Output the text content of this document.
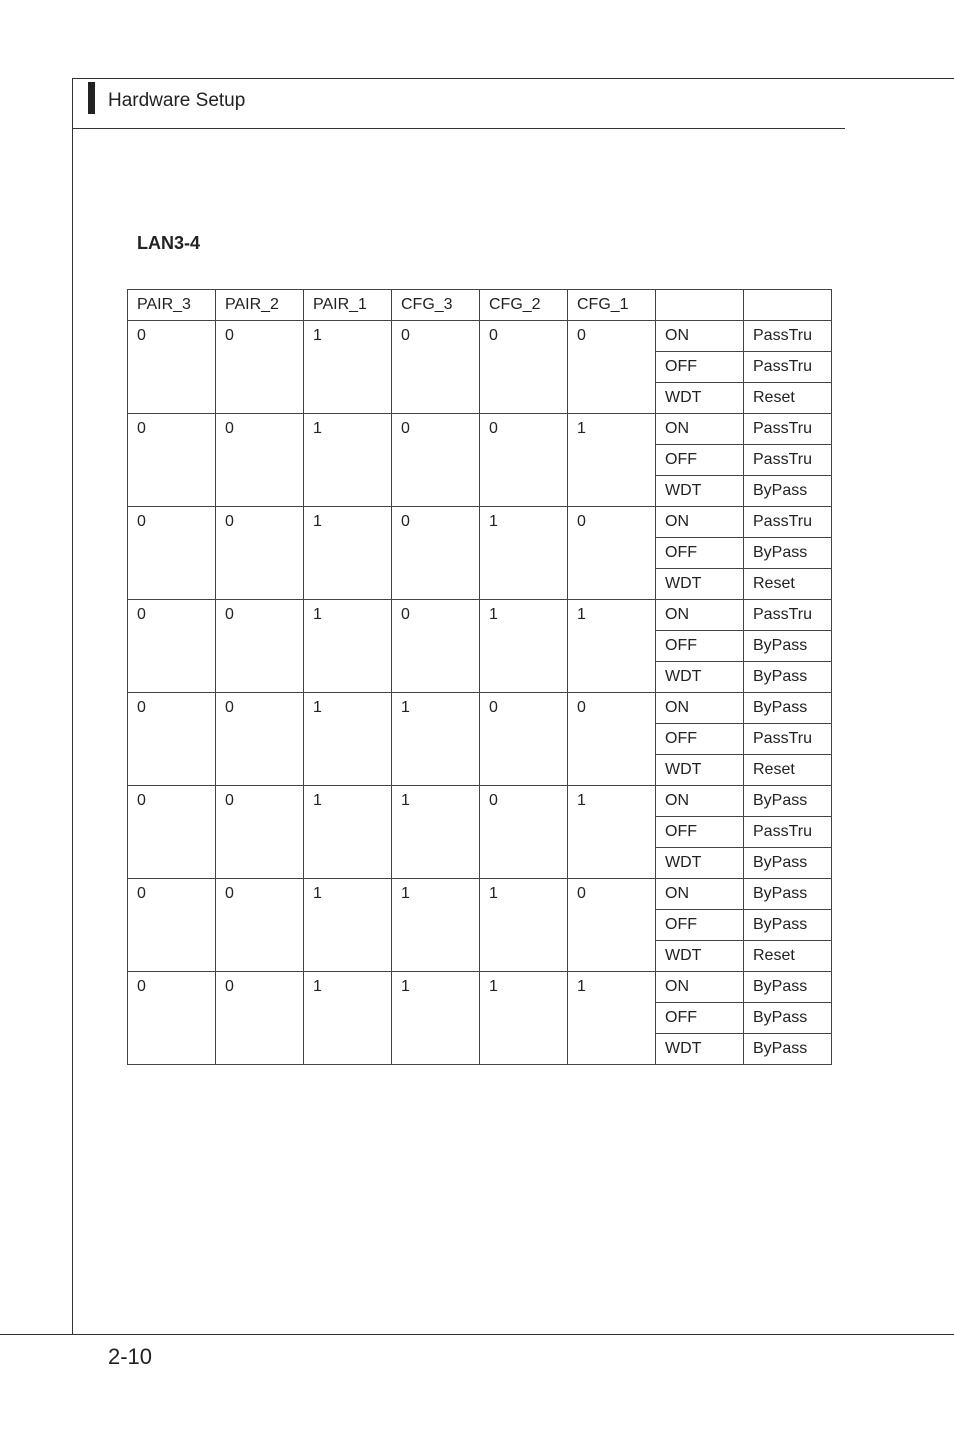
Hardware Setup
LAN3-4
PAIR_3	PAIR_2	PAIR_1	CFG_3	CFG_2	CFG_1		
0	0	1	0	0	0	ON	PassTru
						OFF	PassTru
						WDT	Reset
0	0	1	0	0	1	ON	PassTru
						OFF	PassTru
						WDT	ByPass
0	0	1	0	1	0	ON	PassTru
						OFF	ByPass
						WDT	Reset
0	0	1	0	1	1	ON	PassTru
						OFF	ByPass
						WDT	ByPass
0	0	1	1	0	0	ON	ByPass
						OFF	PassTru
						WDT	Reset
0	0	1	1	0	1	ON	ByPass
						OFF	PassTru
						WDT	ByPass
0	0	1	1	1	0	ON	ByPass
						OFF	ByPass
						WDT	Reset
0	0	1	1	1	1	ON	ByPass
						OFF	ByPass
						WDT	ByPass
2-10
